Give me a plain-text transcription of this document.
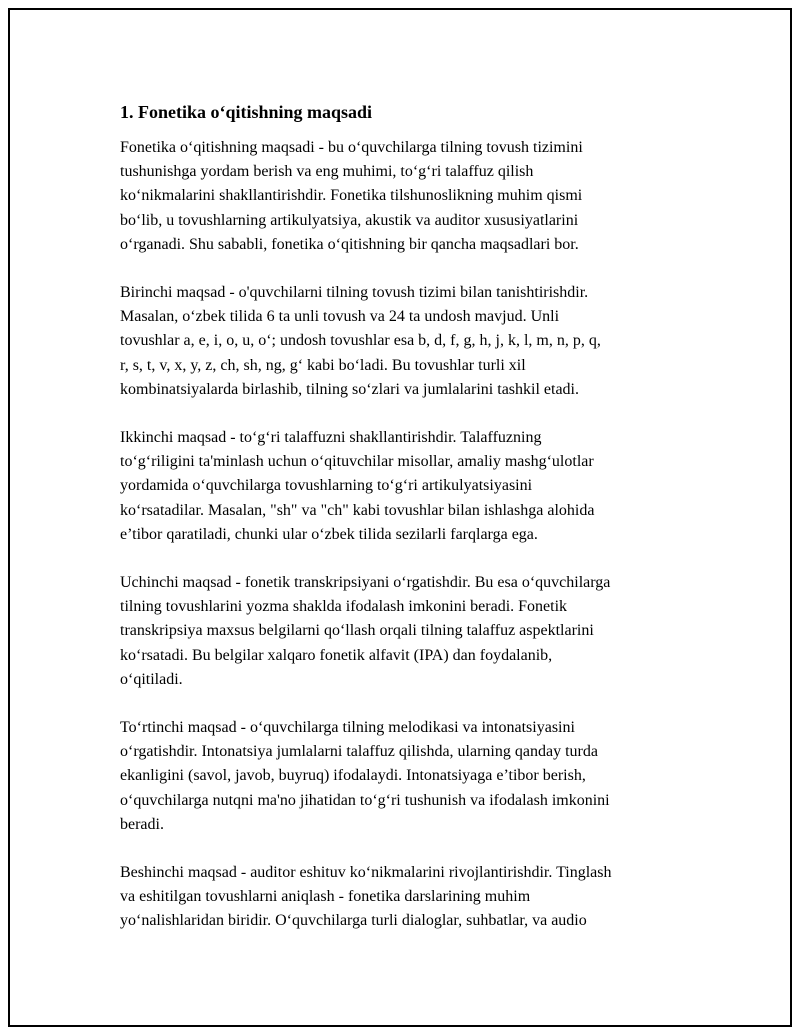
1. Fonetika o‘qitishning maqsadi

Fonetika o‘qitishning maqsadi - bu o‘quvchilarga tilning tovush tizimini
tushunishga yordam berish va eng muhimi, to‘g‘ri talaffuz qilish
ko‘nikmalarini shakllantirishdir. Fonetika tilshunoslikning muhim qismi
bo‘lib, u tovushlarning artikulyatsiya, akustik va auditor xususiyatlarini
o‘rganadi. Shu sababli, fonetika o‘qitishning bir qancha maqsadlari bor.

Birinchi maqsad - o'quvchilarni tilning tovush tizimi bilan tanishtirishdir.
Masalan, o‘zbek tilida 6 ta unli tovush va 24 ta undosh mavjud. Unli
tovushlar a, e, i, o, u, o‘; undosh tovushlar esa b, d, f, g, h, j, k, l, m, n, p, q,
r, s, t, v, x, y, z, ch, sh, ng, g‘ kabi bo‘ladi. Bu tovushlar turli xil
kombinatsiyalarda birlashib, tilning so‘zlari va jumlalarini tashkil etadi.

Ikkinchi maqsad - to‘g‘ri talaffuzni shakllantirishdir. Talaffuzning
to‘g‘riligini ta'minlash uchun o‘qituvchilar misollar, amaliy mashg‘ulotlar
yordamida o‘quvchilarga tovushlarning to‘g‘ri artikulyatsiyasini
ko‘rsatadilar. Masalan, "sh" va "ch" kabi tovushlar bilan ishlashga alohida
e’tibor qaratiladi, chunki ular o‘zbek tilida sezilarli farqlarga ega.

Uchinchi maqsad - fonetik transkripsiyani o‘rgatishdir. Bu esa o‘quvchilarga
tilning tovushlarini yozma shaklda ifodalash imkonini beradi. Fonetik
transkripsiya maxsus belgilarni qo‘llash orqali tilning talaffuz aspektlarini
ko‘rsatadi. Bu belgilar xalqaro fonetik alfavit (IPA) dan foydalanib,
o‘qitiladi.

To‘rtinchi maqsad - o‘quvchilarga tilning melodikasi va intonatsiyasini
o‘rgatishdir. Intonatsiya jumlalarni talaffuz qilishda, ularning qanday turda
ekanligini (savol, javob, buyruq) ifodalaydi. Intonatsiyaga e’tibor berish,
o‘quvchilarga nutqni ma'no jihatidan to‘g‘ri tushunish va ifodalash imkonini
beradi.

Beshinchi maqsad - auditor eshituv ko‘nikmalarini rivojlantirishdir. Tinglash
va eshitilgan tovushlarni aniqlash - fonetika darslarining muhim
yo‘nalishlaridan biridir. O‘quvchilarga turli dialoglar, suhbatlar, va audio
